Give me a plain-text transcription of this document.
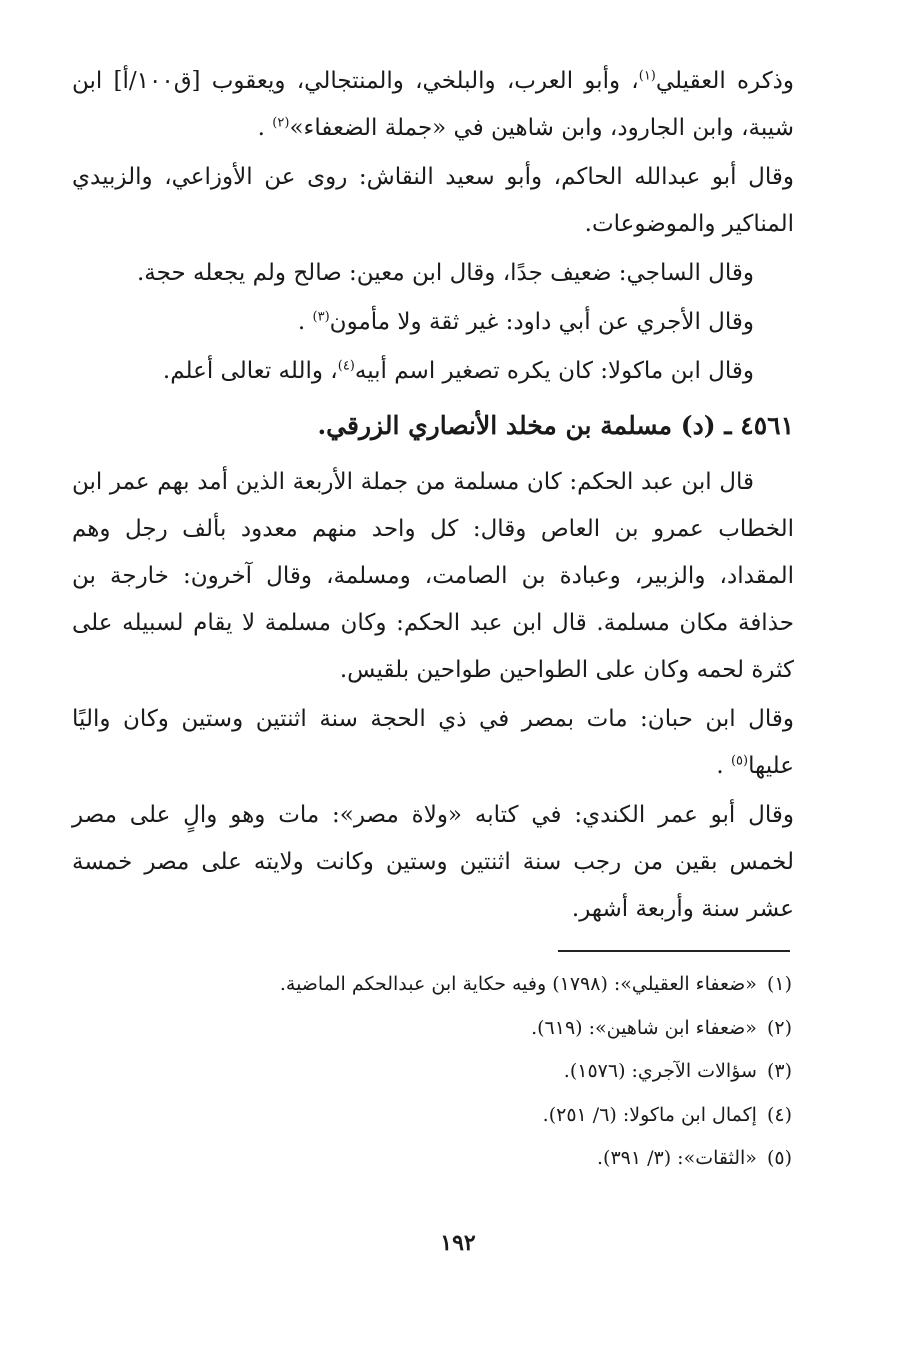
وذكره العقيلي$^{(١)}$، وأبو العرب، والبلخي، والمنتجالي، ويعقوب [ق١٠٠/أ] ابن شيبة، وابن الجارود، وابن شاهين في «جملة الضعفاء»$^{(٢)}$ .

وقال أبو عبدالله الحاكم، وأبو سعيد النقاش: روى عن الأوزاعي، والزبيدي المناكير والموضوعات.

وقال الساجي: ضعيف جدًا، وقال ابن معين: صالح ولم يجعله حجة.

وقال الأجري عن أبي داود: غير ثقة ولا مأمون$^{(٣)}$ .

وقال ابن ماكولا: كان يكره تصغير اسم أبيه$^{(٤)}$، والله تعالى أعلم.

٤٥٦١ ـ (د) مسلمة بن مخلد الأنصاري الزرقي.

قال ابن عبد الحكم: كان مسلمة من جملة الأربعة الذين أمد بهم عمر ابن الخطاب عمرو بن العاص وقال: كل واحد منهم معدود بألف رجل وهم المقداد، والزبير، وعبادة بن الصامت، ومسلمة، وقال آخرون: خارجة بن حذافة مكان مسلمة. قال ابن عبد الحكم: وكان مسلمة لا يقام لسبيله على كثرة لحمه وكان على الطواحين طواحين بلقيس.

وقال ابن حبان: مات بمصر في ذي الحجة سنة اثنتين وستين وكان واليًا عليها$^{(٥)}$ .

وقال أبو عمر الكندي: في كتابه «ولاة مصر»: مات وهو والٍ على مصر لخمس بقين من رجب سنة اثنتين وستين وكانت ولايته على مصر خمسة عشر سنة وأربعة أشهر.

(١)«ضعفاء العقيلي»: (١٧٩٨) وفيه حكاية ابن عبدالحكم الماضية.
(٢)«ضعفاء ابن شاهين»: (٦١٩).
(٣)سؤالات الآجري: (١٥٧٦).
(٤)إكمال ابن ماكولا: (٦/ ٢٥١).
(٥)«الثقات»: (٣/ ٣٩١).
١٩٢
